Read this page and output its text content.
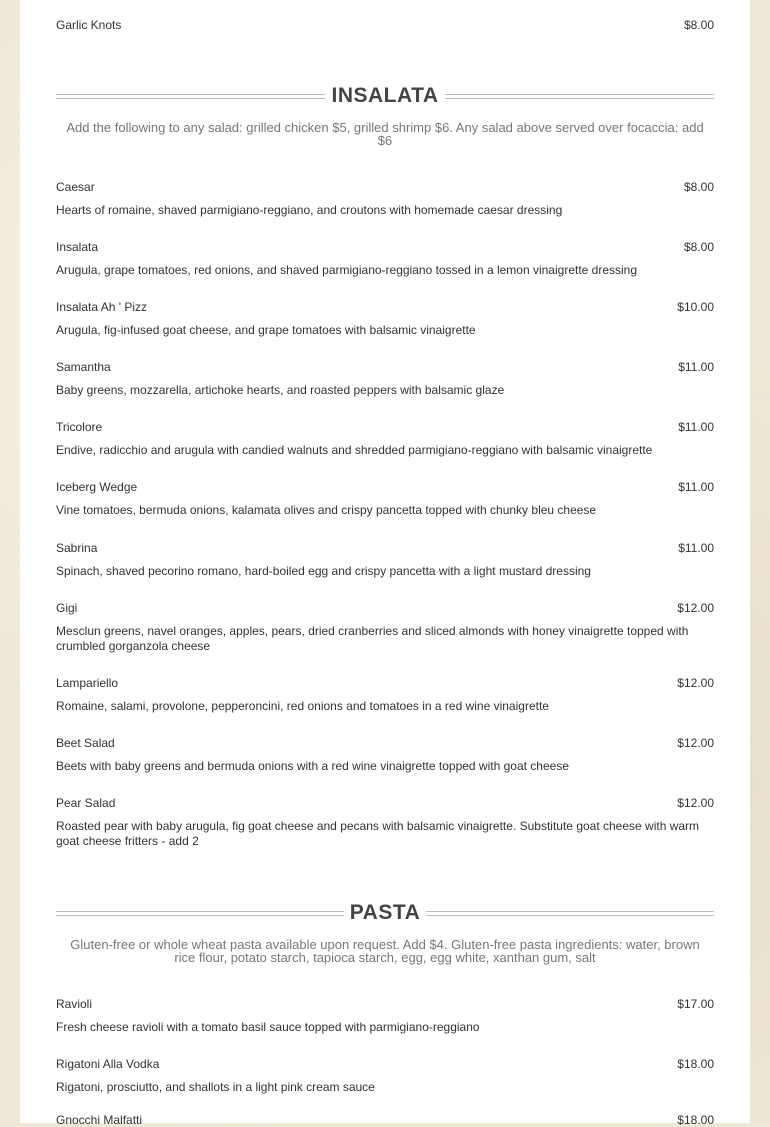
Garlic Knots	$8.00
INSALATA
Add the following to any salad: grilled chicken $5, grilled shrimp $6. Any salad above served over focaccia: add $6
Caesar	$8.00
Hearts of romaine, shaved parmigiano-reggiano, and croutons with homemade caesar dressing
Insalata	$8.00
Arugula, grape tomatoes, red onions, and shaved parmigiano-reggiano tossed in a lemon vinaigrette dressing
Insalata Ah ' Pizz	$10.00
Arugula, fig-infused goat cheese, and grape tomatoes with balsamic vinaigrette
Samantha	$11.00
Baby greens, mozzarella, artichoke hearts, and roasted peppers with balsamic glaze
Tricolore	$11.00
Endive, radicchio and arugula with candied walnuts and shredded parmigiano-reggiano with balsamic vinaigrette
Iceberg Wedge	$11.00
Vine tomatoes, bermuda onions, kalamata olives and crispy pancetta topped with chunky bleu cheese
Sabrina	$11.00
Spinach, shaved pecorino romano, hard-boiled egg and crispy pancetta with a light mustard dressing
Gigi	$12.00
Mesclun greens, navel oranges, apples, pears, dried cranberries and sliced almonds with honey vinaigrette topped with crumbled gorganzola cheese
Lampariello	$12.00
Romaine, salami, provolone, pepperoncini, red onions and tomatoes in a red wine vinaigrette
Beet Salad	$12.00
Beets with baby greens and bermuda onions with a red wine vinaigrette topped with goat cheese
Pear Salad	$12.00
Roasted pear with baby arugula, fig goat cheese and pecans with balsamic vinaigrette. Substitute goat cheese with warm goat cheese fritters - add 2
PASTA
Gluten-free or whole wheat pasta available upon request. Add $4. Gluten-free pasta ingredients: water, brown rice flour, potato starch, tapioca starch, egg, egg white, xanthan gum, salt
Ravioli	$17.00
Fresh cheese ravioli with a tomato basil sauce topped with parmigiano-reggiano
Rigatoni Alla Vodka	$18.00
Rigatoni, prosciutto, and shallots in a light pink cream sauce
Gnocchi Malfatti	$18.00
